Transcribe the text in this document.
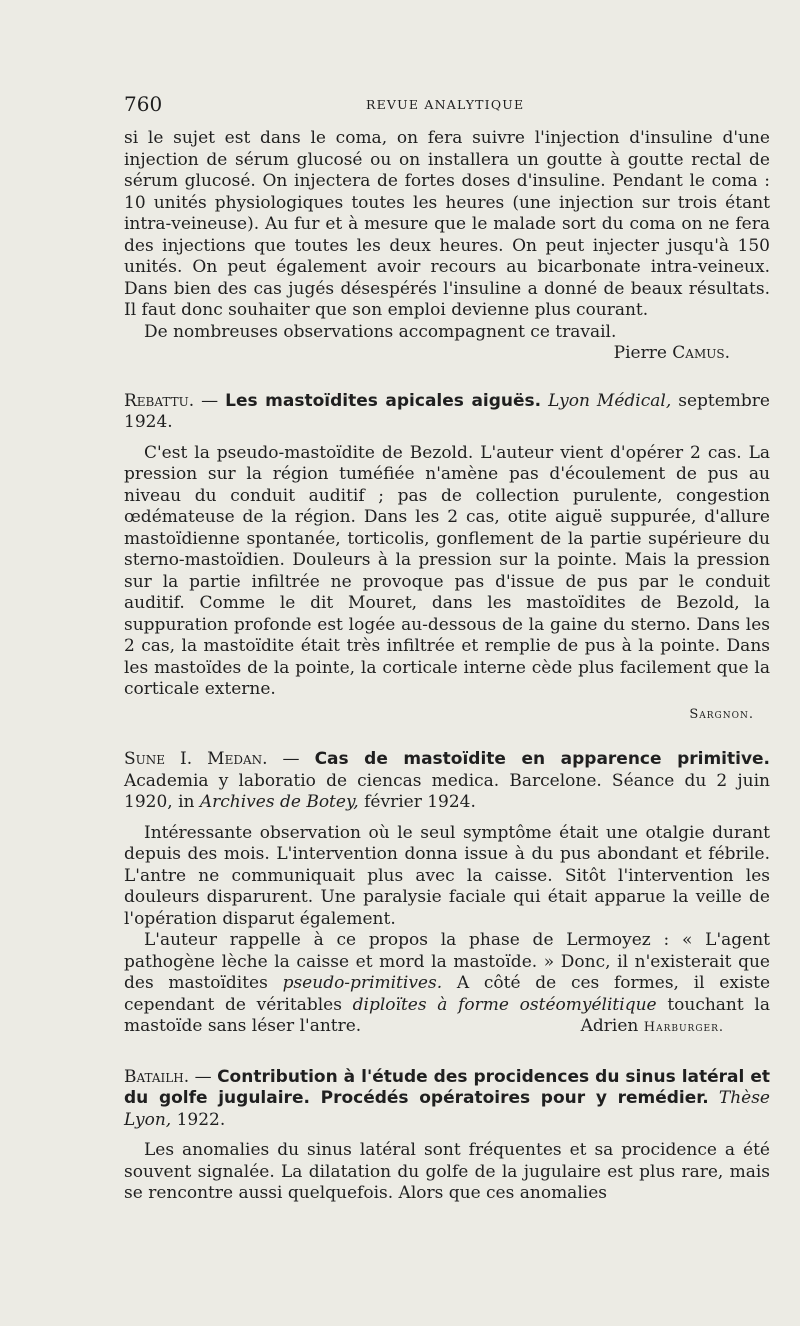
760	REVUE ANALYTIQUE

si le sujet est dans le coma, on fera suivre l'injection d'insuline d'une injection de sérum glucosé ou on installera un goutte à goutte rectal de sérum glucosé. On injectera de fortes doses d'insuline. Pendant le coma : 10 unités physiologiques toutes les heures (une injection sur trois étant intra-veineuse). Au fur et à mesure que le malade sort du coma on ne fera des injections que toutes les deux heures. On peut injecter jusqu'à 150 unités. On peut également avoir recours au bicarbonate intra-veineux. Dans bien des cas jugés désespérés l'insuline a donné de beaux résultats. Il faut donc souhaiter que son emploi devienne plus courant.

De nombreuses observations accompagnent ce travail.

Pierre Camus.

Rebattu. — Les mastoïdites apicales aiguës. Lyon Médical, septembre 1924.

C'est la pseudo-mastoïdite de Bezold. L'auteur vient d'opérer 2 cas. La pression sur la région tuméfiée n'amène pas d'écoulement de pus au niveau du conduit auditif ; pas de collection purulente, congestion œdémateuse de la région. Dans les 2 cas, otite aiguë suppurée, d'allure mastoïdienne spontanée, torticolis, gonflement de la partie supérieure du sterno-mastoïdien. Douleurs à la pression sur la pointe. Mais la pression sur la partie infiltrée ne provoque pas d'issue de pus par le conduit auditif. Comme le dit Mouret, dans les mastoïdites de Bezold, la suppuration profonde est logée au-dessous de la gaine du sterno. Dans les 2 cas, la mastoïdite était très infiltrée et remplie de pus à la pointe. Dans les mastoïdes de la pointe, la corticale interne cède plus facilement que la corticale externe.

Sargnon.

Sune I. Medan. — Cas de mastoïdite en apparence primitive. Academia y laboratio de ciencas medica. Barcelone. Séance du 2 juin 1920, in Archives de Botey, février 1924.

Intéressante observation où le seul symptôme était une otalgie durant depuis des mois. L'intervention donna issue à du pus abondant et fébrile. L'antre ne communiquait plus avec la caisse. Sitôt l'intervention les douleurs disparurent. Une paralysie faciale qui était apparue la veille de l'opération disparut également.

L'auteur rappelle à ce propos la phase de Lermoyez : « L'agent pathogène lèche la caisse et mord la mastoïde. » Donc, il n'existerait que des mastoïdites pseudo-primitives. A côté de ces formes, il existe cependant de véritables diploïtes à forme ostéomyélitique touchant la mastoïde sans léser l'antre.	Adrien Harburger.

Batailh. — Contribution à l'étude des procidences du sinus latéral et du golfe jugulaire. Procédés opératoires pour y remédier. Thèse Lyon, 1922.

Les anomalies du sinus latéral sont fréquentes et sa procidence a été souvent signalée. La dilatation du golfe de la jugulaire est plus rare, mais se rencontre aussi quelquefois. Alors que ces anomalies
